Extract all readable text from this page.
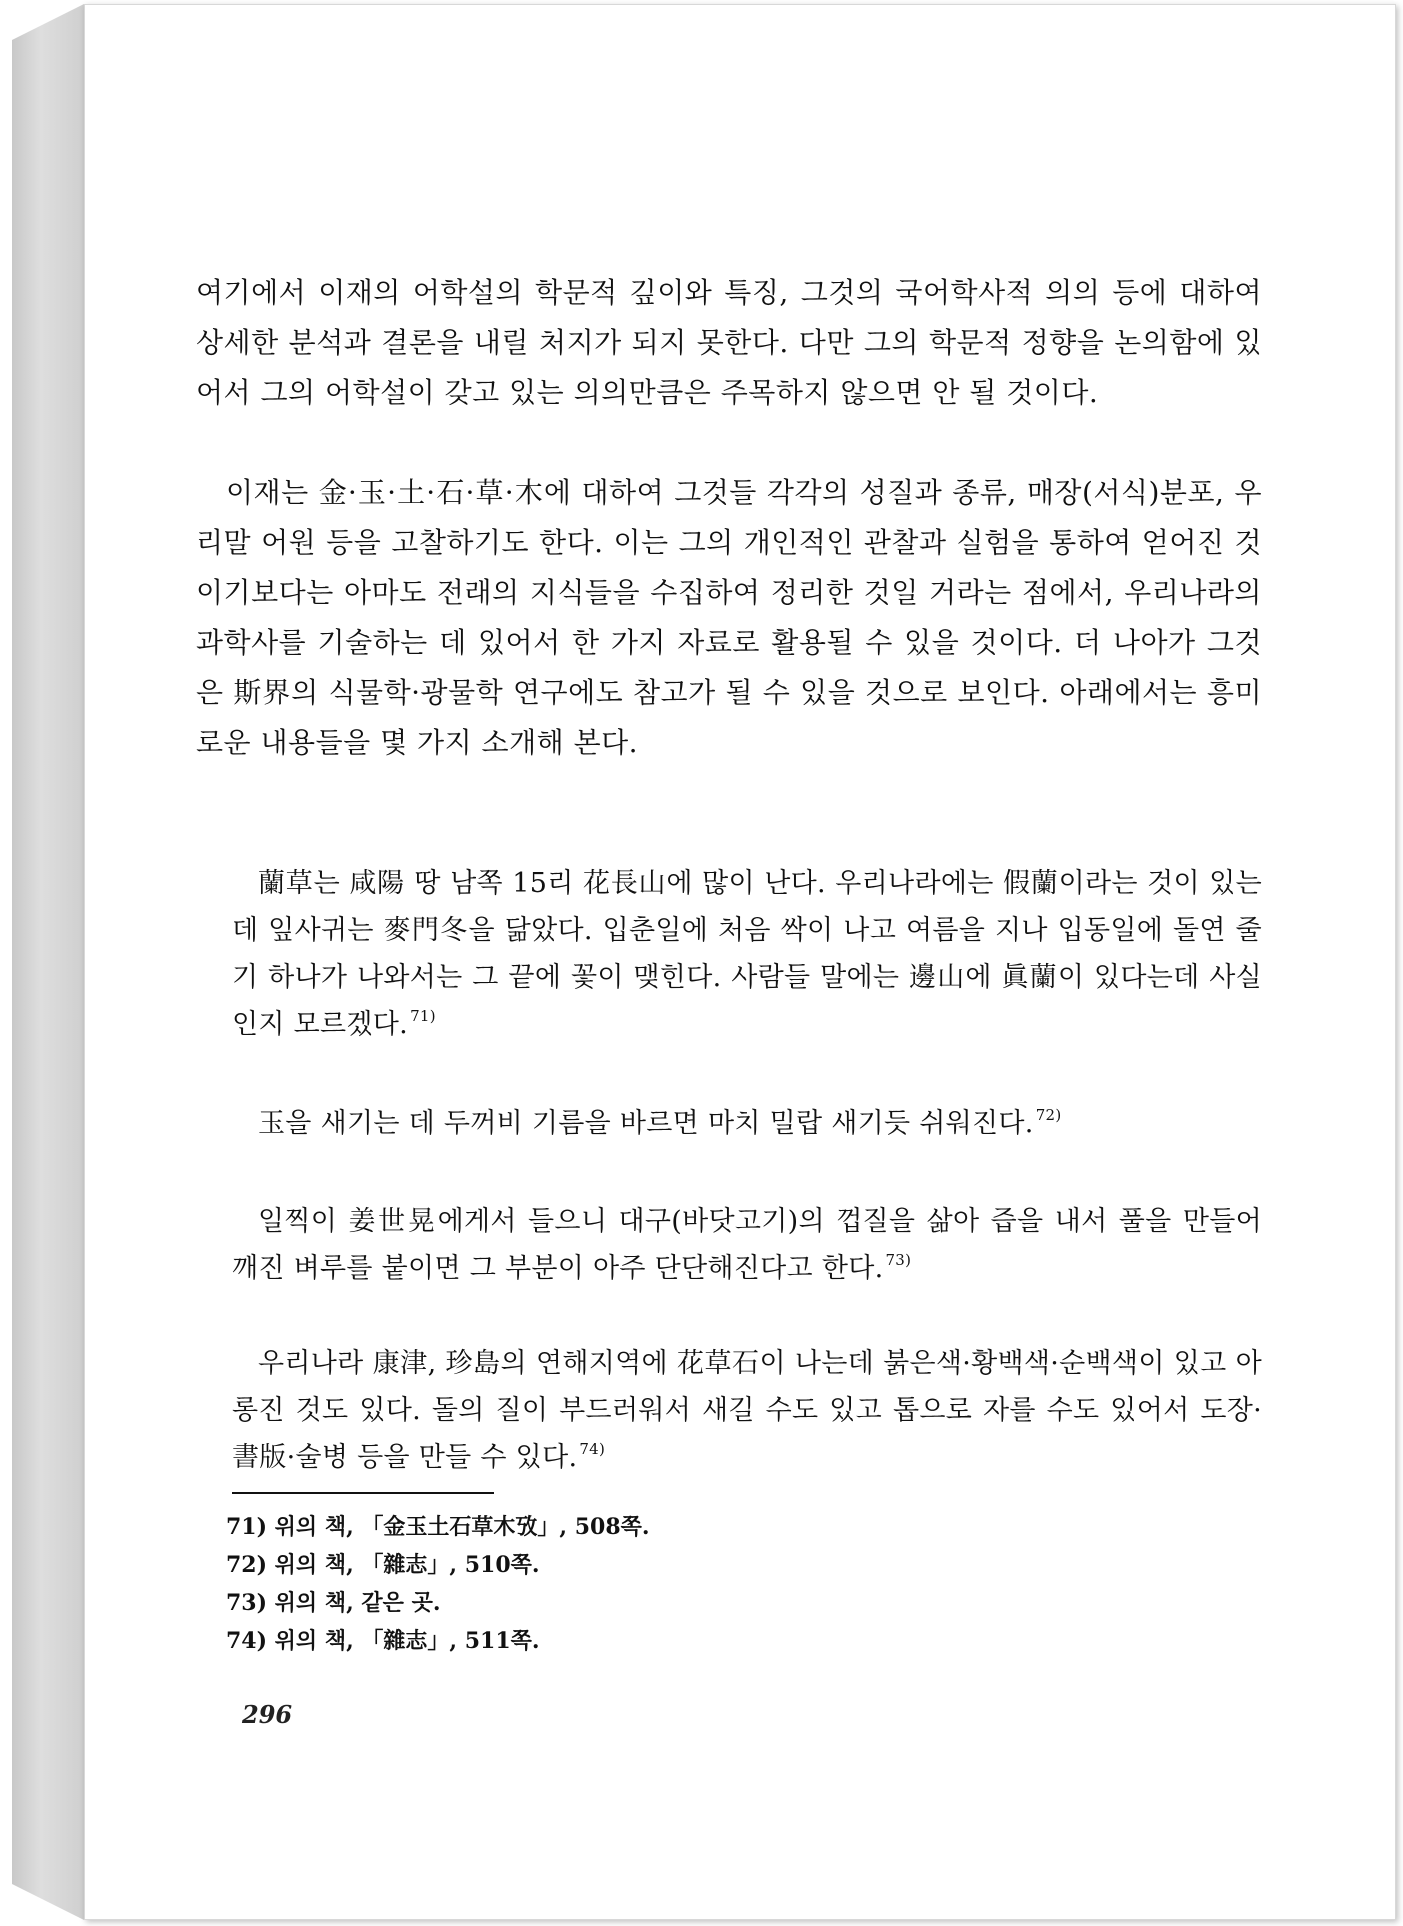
여기에서 이재의 어학설의 학문적 깊이와 특징, 그것의 국어학사적 의의 등에 대하여 상세한 분석과 결론을 내릴 처지가 되지 못한다. 다만 그의 학문적 정향을 논의함에 있어서 그의 어학설이 갖고 있는 의의만큼은 주목하지 않으면 안 될 것이다.
이재는 金·玉·土·石·草·木에 대하여 그것들 각각의 성질과 종류, 매장(서식)분포, 우리말 어원 등을 고찰하기도 한다. 이는 그의 개인적인 관찰과 실험을 통하여 얻어진 것이기보다는 아마도 전래의 지식들을 수집하여 정리한 것일 거라는 점에서, 우리나라의 과학사를 기술하는 데 있어서 한 가지 자료로 활용될 수 있을 것이다. 더 나아가 그것은 斯界의 식물학·광물학 연구에도 참고가 될 수 있을 것으로 보인다. 아래에서는 흥미로운 내용들을 몇 가지 소개해 본다.
蘭草는 咸陽 땅 남쪽 15리 花長山에 많이 난다. 우리나라에는 假蘭이라는 것이 있는데 잎사귀는 麥門冬을 닮았다. 입춘일에 처음 싹이 나고 여름을 지나 입동일에 돌연 줄기 하나가 나와서는 그 끝에 꽃이 맺힌다. 사람들 말에는 邊山에 眞蘭이 있다는데 사실인지 모르겠다. $^{71)}$
玉을 새기는 데 두꺼비 기름을 바르면 마치 밀랍 새기듯 쉬워진다. $^{72)}$
일찍이 姜世晃에게서 들으니 대구(바닷고기)의 껍질을 삶아 즙을 내서 풀을 만들어 깨진 벼루를 붙이면 그 부분이 아주 단단해진다고 한다. $^{73)}$
우리나라 康津, 珍島의 연해지역에 花草石이 나는데 붉은색·황백색·순백색이 있고 아롱진 것도 있다. 돌의 질이 부드러워서 새길 수도 있고 톱으로 자를 수도 있어서 도장·書版·술병 등을 만들 수 있다. $^{74)}$
71) 위의 책, 「金玉土石草木攷」, 508쪽.
72) 위의 책, 「雜志」, 510쪽.
73) 위의 책, 같은 곳.
74) 위의 책, 「雜志」, 511쪽.
296
